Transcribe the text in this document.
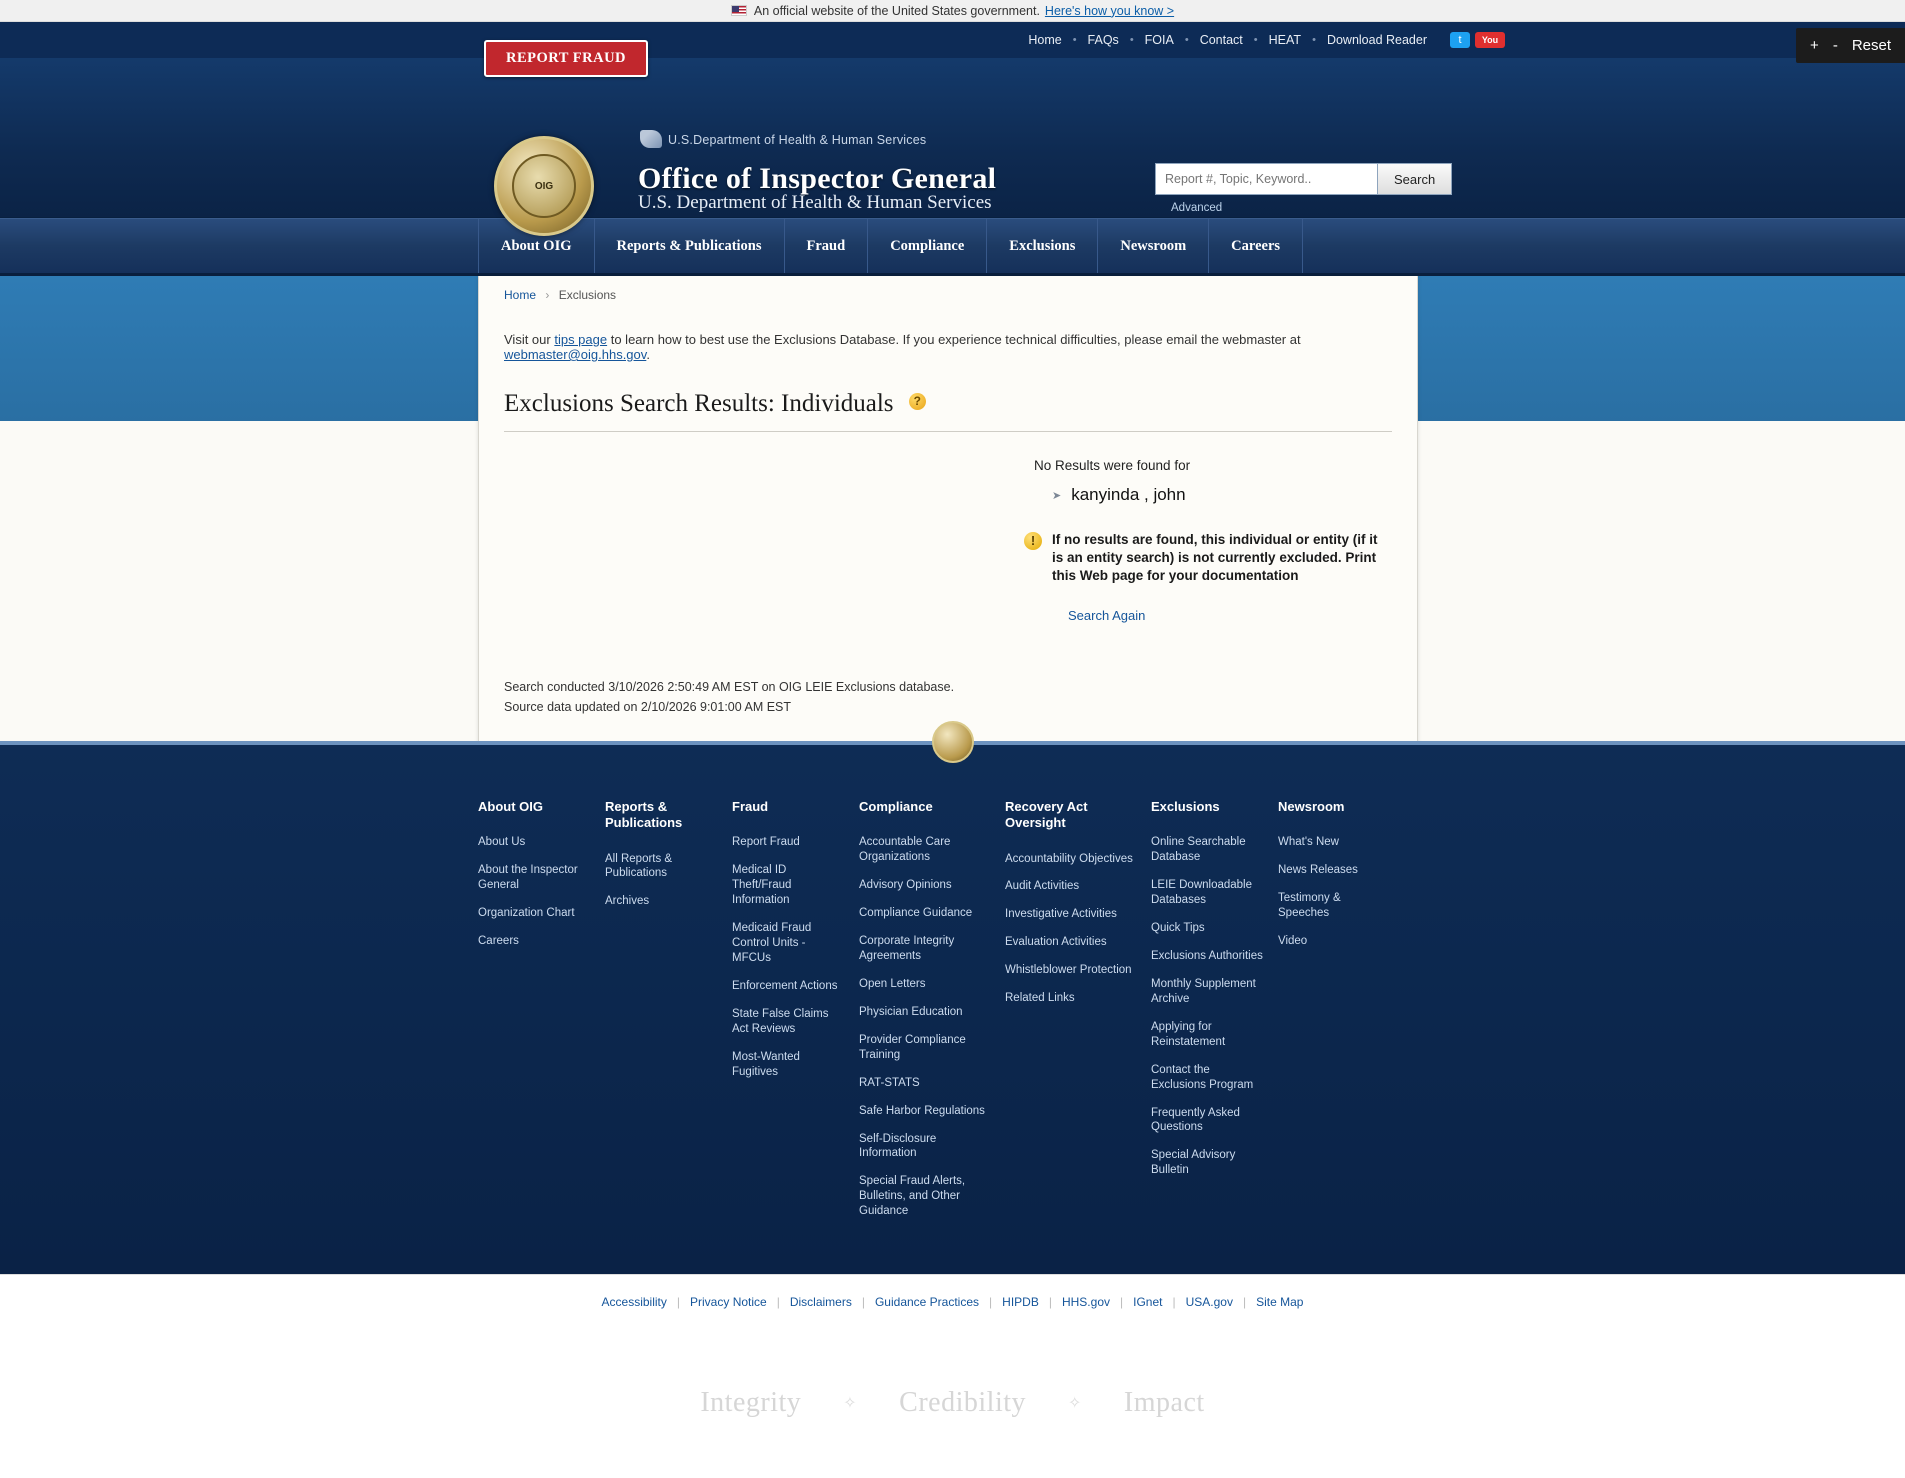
An official website of the United States government. Here's how you know >
REPORT FRAUD
Home	• FAQs	• FOIA	• Contact	• HEAT	• Download Reader	t	You
OIG
U.S.Department of Health & Human Services
Office of Inspector General
U.S. Department of Health & Human Services
Report #, Topic, Keyword..
Search
Advanced
About OIG	Reports & Publications	Fraud	Compliance	Exclusions	Newsroom	Careers
Home › Exclusions
Visit our tips page to learn how to best use the Exclusions Database. If you experience technical difficulties, please email the webmaster at webmaster@oig.hhs.gov.
Exclusions Search Results: Individuals ?
No Results were found for
➤ kanyinda , john
!	If no results are found, this individual or entity (if it is an entity search) is not currently excluded. Print this Web page for your documentation

Search Again
Search conducted 3/10/2026 2:50:49 AM EST on OIG LEIE Exclusions database.
Source data updated on 2/10/2026 9:01:00 AM EST
About OIG
About Us
About the Inspector General
Organization Chart
Careers
Reports & Publications
All Reports & Publications
Archives
Fraud
Report Fraud
Medical ID Theft/Fraud Information
Medicaid Fraud Control Units - MFCUs
Enforcement Actions
State False Claims Act Reviews
Most-Wanted Fugitives
Compliance
Accountable Care Organizations
Advisory Opinions
Compliance Guidance
Corporate Integrity Agreements
Open Letters
Physician Education
Provider Compliance Training
RAT-STATS
Safe Harbor Regulations
Self-Disclosure Information
Special Fraud Alerts, Bulletins, and Other Guidance
Recovery Act Oversight
Accountability Objectives
Audit Activities
Investigative Activities
Evaluation Activities
Whistleblower Protection
Related Links
Exclusions
Online Searchable Database
LEIE Downloadable Databases
Quick Tips
Exclusions Authorities
Monthly Supplement Archive
Applying for Reinstatement
Contact the Exclusions Program
Frequently Asked Questions
Special Advisory Bulletin
Newsroom
What's New
News Releases
Testimony & Speeches
Video
Accessibility | Privacy Notice | Disclaimers | Guidance Practices | HIPDB | HHS.gov | IGnet | USA.gov | Site Map
Integrity	✧ Credibility	✧ Impact
+ - Reset
